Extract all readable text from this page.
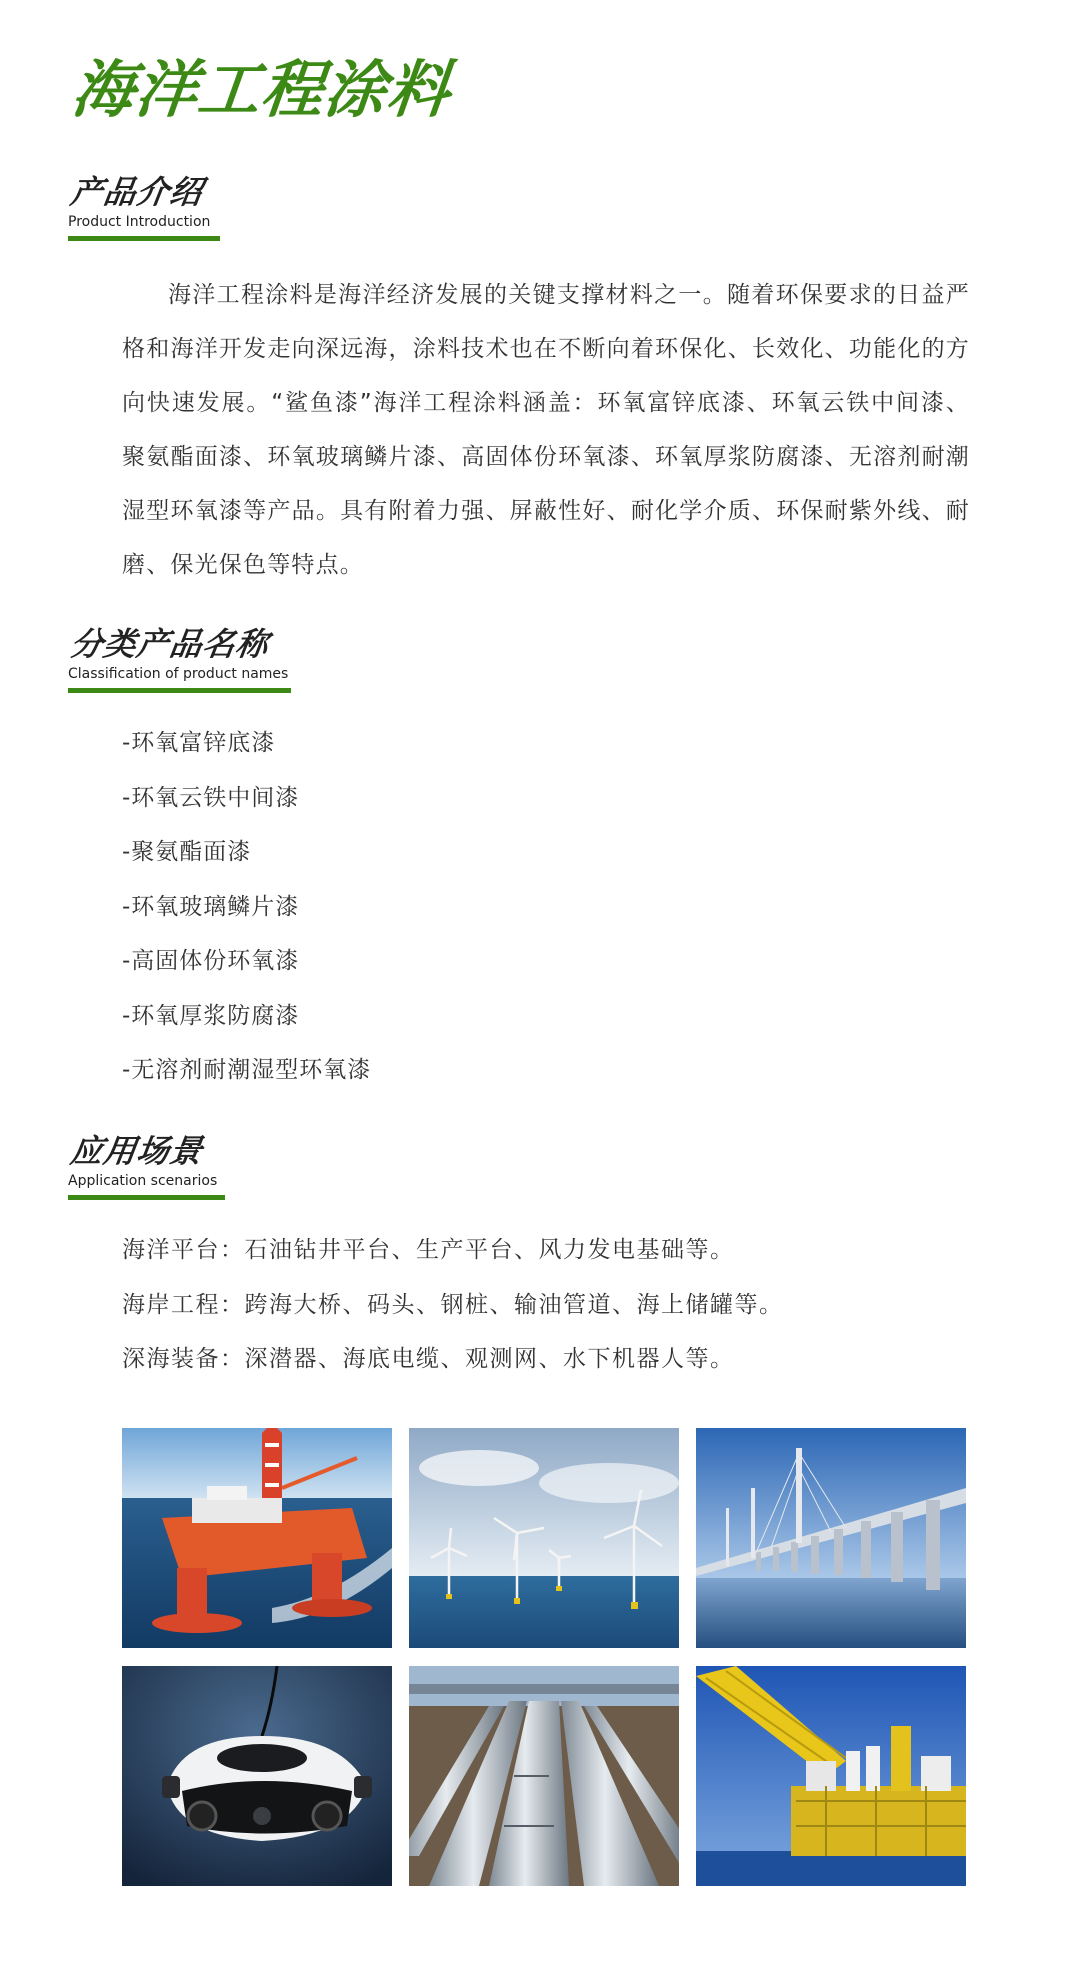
海洋工程涂料
产品介绍
Product Introduction

海洋工程涂料是海洋经济发展的关键支撑材料之一。随着环保要求的日益严格和海洋开发走向深远海，涂料技术也在不断向着环保化、长效化、功能化的方向快速发展。“鲨鱼漆”海洋工程涂料涵盖：环氧富锌底漆、环氧云铁中间漆、聚氨酯面漆、环氧玻璃鳞片漆、高固体份环氧漆、环氧厚浆防腐漆、无溶剂耐潮湿型环氧漆等产品。具有附着力强、屏蔽性好、耐化学介质、环保耐紫外线、耐磨、保光保色等特点。

分类产品名称
Classification of product names
-环氧富锌底漆
-环氧云铁中间漆
-聚氨酯面漆
-环氧玻璃鳞片漆
-高固体份环氧漆
-环氧厚浆防腐漆
-无溶剂耐潮湿型环氧漆
应用场景
Application scenarios
海洋平台：石油钻井平台、生产平台、风力发电基础等。
海岸工程：跨海大桥、码头、钢桩、输油管道、海上储罐等。
深海装备：深潜器、海底电缆、观测网、水下机器人等。
